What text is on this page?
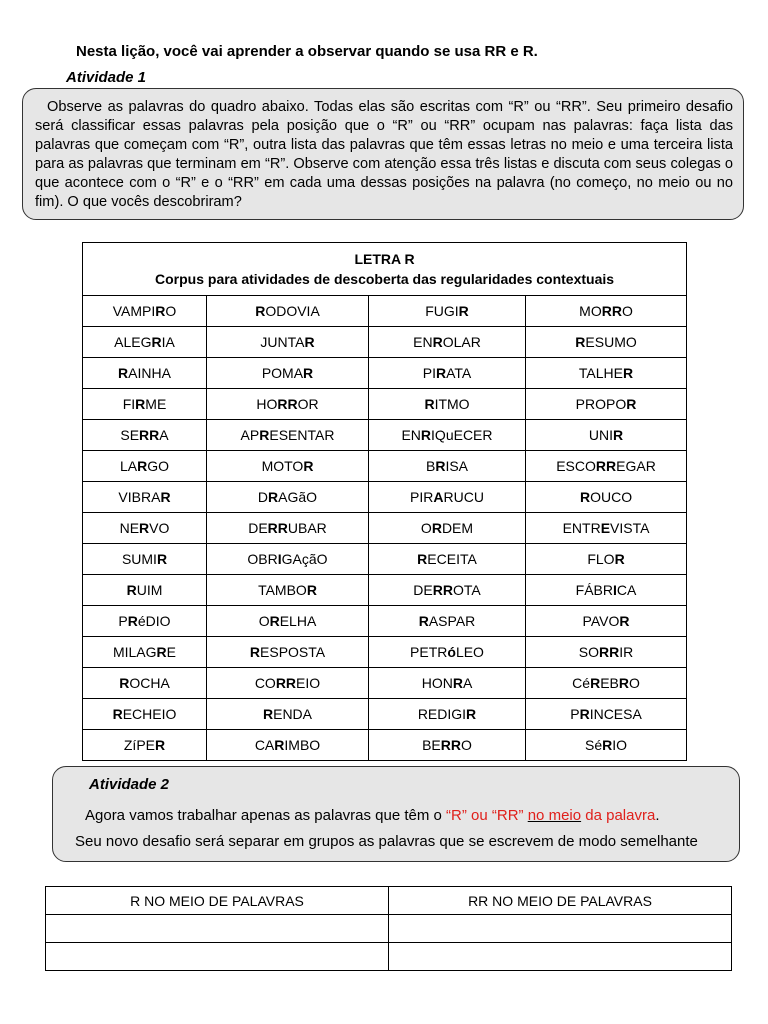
Nesta lição, você vai aprender a observar quando se usa RR e R.

Atividade 1

Observe as palavras do quadro abaixo. Todas elas são escritas com “R” ou “RR”. Seu primeiro desafio será classificar essas palavras pela posição que o “R” ou “RR” ocupam nas palavras: faça lista das palavras que começam com “R”, outra lista das palavras que têm essas letras no meio e uma terceira lista para as palavras que terminam em “R”. Observe com atenção essa três listas e discuta com seus colegas o que acontece com o “R” e o “RR” em cada uma dessas posições na palavra (no começo, no meio ou no fim). O que vocês descobriram?

LETRA R
Corpus para atividades de descoberta das regularidades contextuais			

VAMPIRO	RODOVIA	FUGIR	MORRO
ALEGRIA	JUNTAR	ENROLAR	RESUMO
RAINHA	POMAR	PIRATA	TALHER
FIRME	HORROR	RITMO	PROPOR
SERRA	APRESENTAR	ENRIQuECER	UNIR
LARGO	MOTOR	BRISA	ESCORREGAR
VIBRAR	DRAGãO	PIRARUCU	ROUCO
NERVO	DERRUBAR	ORDEM	ENTREVISTA
SUMIR	OBRIGAçãO	RECEITA	FLOR
RUIM	TAMBOR	DERROTA	FÁBRICA
PRéDIO	ORELHA	RASPAR	PAVOR
MILAGRE	RESPOSTA	PETRóLEO	SORRIR
ROCHA	CORREIO	HONRA	CéREBRO
RECHEIO	RENDA	REDIGIR	PRINCESA
ZíPER	CARIMBO	BERRO	SéRIO

Atividade 2

Agora vamos trabalhar apenas as palavras que têm o “R” ou “RR” no meio da palavra.

Seu novo desafio será separar em grupos as palavras que se escrevem de modo semelhante

R NO MEIO DE PALAVRAS	RR NO MEIO DE PALAVRAS
